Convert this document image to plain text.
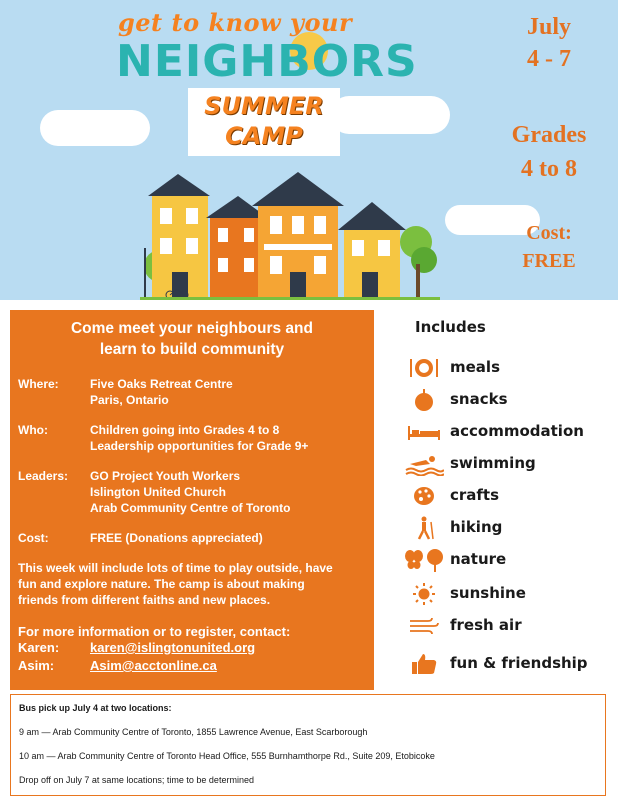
get to know your
NEIGHBORS
SUMMER
CAMP
July
4 - 7
Grades
4 to 8
Cost:
FREE
Come meet your neighbours and
learn to build community
Where:	Five Oaks Retreat Centre
Paris, Ontario
Who:	Children going into Grades 4 to 8
Leadership opportunities for Grade 9+
Leaders: GO Project Youth Workers
Islington United Church
Arab Community Centre of Toronto
Cost:	FREE (Donations appreciated)
This week will include lots of time to play outside, have
fun and explore nature. The camp is about making
friends from different faiths and new places.
For more information or to register, contact:
Karen: karen@islingtonunited.org
Asim:	Asim@acctonline.ca
Includes
meals
snacks
accommodation
swimming
crafts
hiking
nature
sunshine
fresh air
fun & friendship
Bus pick up July 4 at two locations:
9 am — Arab Community Centre of Toronto, 1855 Lawrence Avenue, East Scarborough
10 am — Arab Community Centre of Toronto Head Office, 555 Burnhamthorpe Rd., Suite 209, Etobicoke
Drop off on July 7 at same locations; time to be determined
